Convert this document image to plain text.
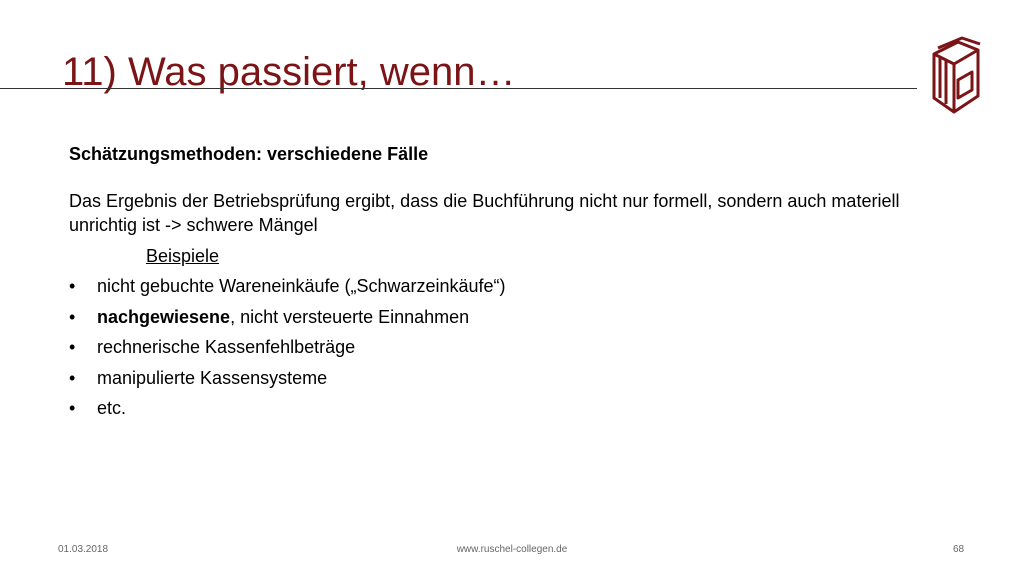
11) Was passiert, wenn…
Schätzungsmethoden: verschiedene Fälle
Das Ergebnis der Betriebsprüfung ergibt, dass die Buchführung nicht nur formell, sondern auch materiell unrichtig ist -> schwere Mängel
Beispiele
• nicht gebuchte Wareneinkäufe („Schwarzeinkäufe“)
• nachgewiesene, nicht versteuerte Einnahmen
• rechnerische Kassenfehlbeträge
• manipulierte Kassensysteme
• etc.
01.03.2018	www.ruschel-collegen.de	68
